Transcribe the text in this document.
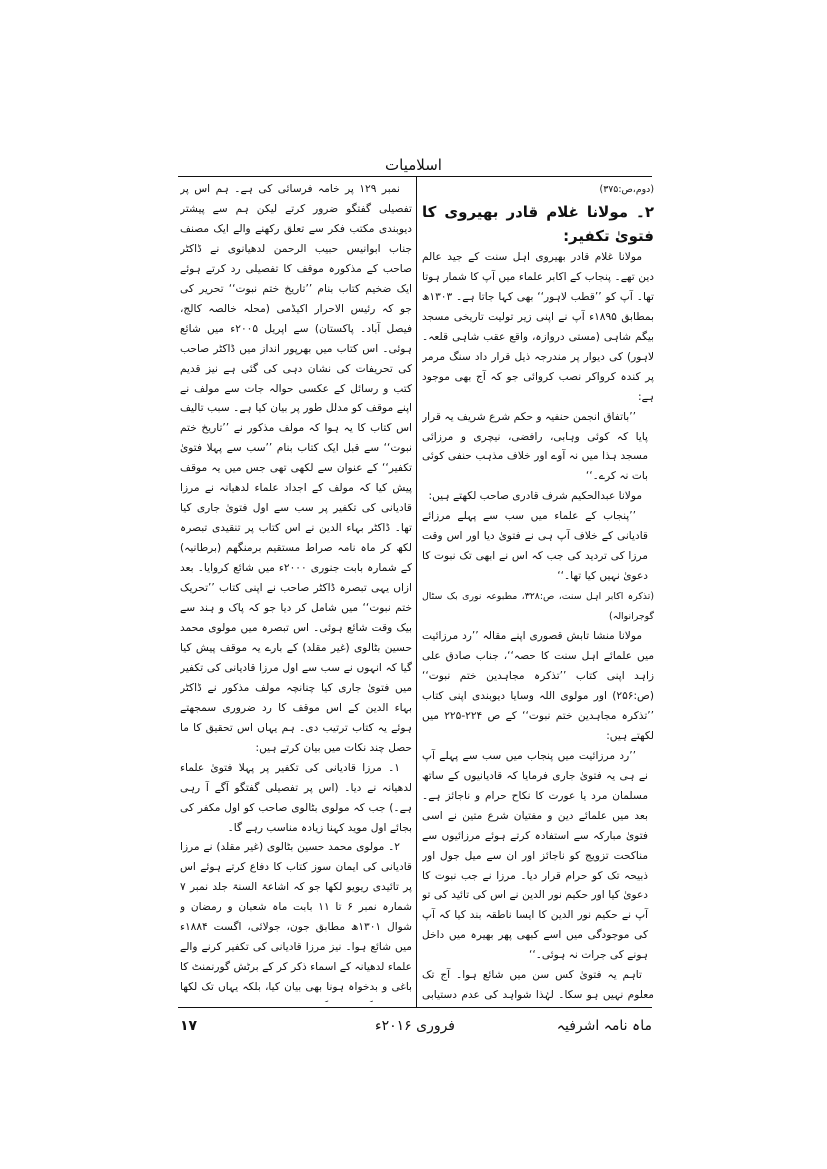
اسلامیات

(دوم،ص:۳۷۵)

۲۔ مولانا غلام قادر بھیروی کا فتویٰ تکفیر:

مولانا غلام قادر بھیروی اہل سنت کے جید عالم دین تھے۔ پنجاب کے اکابر علماء میں آپ کا شمار ہوتا تھا۔ آپ کو ’’قطب لاہور‘‘ بھی کہا جاتا ہے۔ ۱۳۰۳ھ بمطابق ۱۸۹۵ء آپ نے اپنی زیر تولیت تاریخی مسجد بیگم شاہی (مستی دروازہ، واقع عقب شاہی قلعہ۔ لاہور) کی دیوار پر مندرجہ ذیل قرار داد سنگ مرمر پر کندہ کرواکر نصب کروائی جو کہ آج بھی موجود ہے:

’’باتفاق انجمن حنفیہ و حکم شرع شریف یہ قرار پایا کہ کوئی وہابی، رافضی، نیچری و مرزائی مسجد ہذا میں نہ آوے اور خلاف مذہب حنفی کوئی بات نہ کرے۔‘‘

مولانا عبدالحکیم شرف قادری صاحب لکھتے ہیں:

’’پنجاب کے علماء میں سب سے پہلے مرزائے قادیانی کے خلاف آپ ہی نے فتویٰ دیا اور اس وقت مرزا کی تردید کی جب کہ اس نے ابھی تک نبوت کا دعویٰ نہیں کیا تھا۔‘‘

(تذکرہ اکابر اہل سنت، ص:۳۲۸، مطبوعہ نوری بک سٹال گوجرانوالہ)

مولانا منشا تابش قصوری اپنے مقالہ ’’رد مرزائیت میں علمائے اہل سنت کا حصہ‘‘، جناب صادق علی زاہد اپنی کتاب ’’تذکرہ مجاہدین ختم نبوت‘‘ (ص:۲۵۶) اور مولوی اللہ وسایا دیوبندی اپنی کتاب ’’تذکرہ مجاہدین ختم نبوت‘‘ کے ص ۲۲۴-۲۲۵ میں لکھتے ہیں:

’’رد مرزائیت میں پنجاب میں سب سے پہلے آپ نے ہی یہ فتویٰ جاری فرمایا کہ قادیانیوں کے ساتھ مسلمان مرد یا عورت کا نکاح حرام و ناجائز ہے۔ بعد میں علمائے دین و مفتیان شرع متین نے اسی فتویٰ مبارکہ سے استفادہ کرتے ہوئے مرزائیوں سے مناکحت تزویج کو ناجائز اور ان سے میل جول اور ذبیحہ تک کو حرام قرار دیا۔ مرزا نے جب نبوت کا دعویٰ کیا اور حکیم نور الدین نے اس کی تائید کی تو آپ نے حکیم نور الدین کا ایسا ناطقہ بند کیا کہ آپ کی موجودگی میں اسے کبھی پھر بھیرہ میں داخل ہونے کی جرات نہ ہوئی۔‘‘

تاہم یہ فتویٰ کس سن میں شائع ہوا۔ آج تک معلوم نہیں ہو سکا۔ لہٰذا شواہد کی عدم دستیابی

نمبر ۱۲۹ پر خامہ فرسائی کی ہے۔ ہم اس پر تفصیلی گفتگو ضرور کرتے لیکن ہم سے پیشتر دیوبندی مکتب فکر سے تعلق رکھنے والے ایک مصنف جناب ابوانیس حبیب الرحمن لدھیانوی نے ڈاکٹر صاحب کے مذکورہ موقف کا تفصیلی رد کرتے ہوئے ایک ضخیم کتاب بنام ’’تاریخ ختم نبوت‘‘ تحریر کی جو کہ رئیس الاحرار اکیڈمی (محلہ خالصہ کالج، فیصل آباد۔ پاکستان) سے اپریل ۲۰۰۵ء میں شائع ہوئی۔ اس کتاب میں بھرپور انداز میں ڈاکٹر صاحب کی تحریفات کی نشان دہی کی گئی ہے نیز قدیم کتب و رسائل کے عکسی حوالہ جات سے مولف نے اپنے موقف کو مدلل طور پر بیان کیا ہے۔ سبب تالیف اس کتاب کا یہ ہوا کہ مولف مذکور نے ’’تاریخ ختم نبوت‘‘ سے قبل ایک کتاب بنام ’’سب سے پہلا فتویٰ تکفیر‘‘ کے عنوان سے لکھی تھی جس میں یہ موقف پیش کیا کہ مولف کے اجداد علماء لدھیانہ نے مرزا قادیانی کی تکفیر پر سب سے اول فتویٰ جاری کیا تھا۔ ڈاکٹر بہاء الدین نے اس کتاب پر تنقیدی تبصرہ لکھ کر ماہ نامہ صراط مستقیم برمنگھم (برطانیہ) کے شمارہ بابت جنوری ۲۰۰۰ء میں شائع کروایا۔ بعد ازاں یہی تبصرہ ڈاکٹر صاحب نے اپنی کتاب ’’تحریک ختم نبوت‘‘ میں شامل کر دیا جو کہ پاک و ہند سے بیک وقت شائع ہوئی۔ اس تبصرہ میں مولوی محمد حسین بٹالوی (غیر مقلد) کے بارے یہ موقف پیش کیا گیا کہ انہوں نے سب سے اول مرزا قادیانی کی تکفیر میں فتویٰ جاری کیا چنانچہ مولف مذکور نے ڈاکٹر بہاء الدین کے اس موقف کا رد ضروری سمجھتے ہوئے یہ کتاب ترتیب دی۔ ہم یہاں اس تحقیق کا ما حصل چند نکات میں بیان کرتے ہیں:

۱۔ مرزا قادیانی کی تکفیر پر پہلا فتویٰ علماء لدھیانہ نے دیا۔ (اس پر تفصیلی گفتگو آگے آ رہی ہے۔) جب کہ مولوی بٹالوی صاحب کو اول مکفر کی بجائے اول موید کہنا زیادہ مناسب رہے گا۔

۲۔ مولوی محمد حسین بٹالوی (غیر مقلد) نے مرزا قادیانی کی ایمان سوز کتاب کا دفاع کرتے ہوئے اس پر تائیدی ریویو لکھا جو کہ اشاعۃ السنۃ جلد نمبر ۷ شمارہ نمبر ۶ تا ۱۱ بابت ماہ شعبان و رمضان و شوال ۱۳۰۱ھ مطابق جون، جولائی، اگست ۱۸۸۴ء میں شائع ہوا۔ نیز مرزا قادیانی کی تکفیر کرنے والے علماء لدھیانہ کے اسماء ذکر کر کے برٹش گورنمنٹ کا باغی و بدخواہ ہونا بھی بیان کیا، بلکہ یہاں تک لکھا

ماہ نامہ اشرفیہ
فروری ۲۰۱۶ء
۱۷
